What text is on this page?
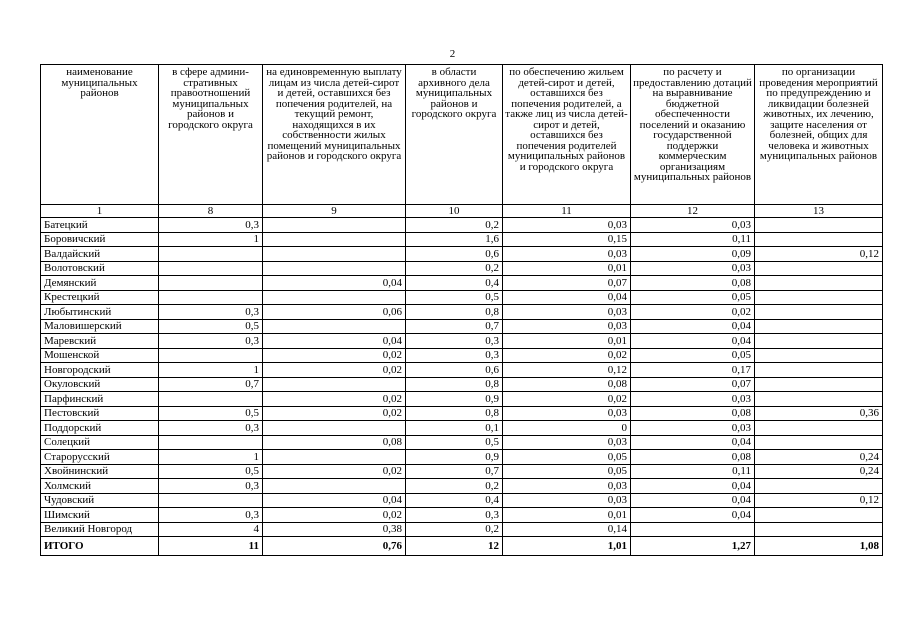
2
наименование муниципальных районов	в сфере админи-стративных правоотношений муниципальных районов и городского округа	на единовременную выплату лицам из числа детей-сирот и детей, оставшихся без попечения родителей, на текущий ремонт, находящихся в их собственности жилых помещений муниципальных районов и городского округа	в области архивного дела муниципальных районов и городского округа	по обеспечению жильем детей-сирот и детей, оставшихся без попечения родителей, а также лиц из числа детей-сирот и детей, оставшихся без попечения родителей муниципальных районов и городского округа	по расчету и предоставлению дотаций на выравнивание бюджетной обеспеченности поселений и оказанию государственной поддержки коммерческим организациям муниципальных районов	по организации проведения мероприятий по предупреждению и ликвидации болезней животных, их лечению, защите населения от болезней, общих для человека и животных муниципальных районов
1	8	9	10	11	12	13
Батецкий	0,3		0,2	0,03	0,03	
Боровичский	1		1,6	0,15	0,11	
Валдайский			0,6	0,03	0,09	0,12
Волотовский			0,2	0,01	0,03	
Демянский		0,04	0,4	0,07	0,08	
Крестецкий			0,5	0,04	0,05	
Любытинский	0,3	0,06	0,8	0,03	0,02	
Маловишерский	0,5		0,7	0,03	0,04	
Маревский	0,3	0,04	0,3	0,01	0,04	
Мошенской		0,02	0,3	0,02	0,05	
Новгородский	1	0,02	0,6	0,12	0,17	
Окуловский	0,7		0,8	0,08	0,07	
Парфинский		0,02	0,9	0,02	0,03	
Пестовский	0,5	0,02	0,8	0,03	0,08	0,36
Поддорский	0,3		0,1	0	0,03	
Солецкий		0,08	0,5	0,03	0,04	
Старорусский	1		0,9	0,05	0,08	0,24
Хвойнинский	0,5	0,02	0,7	0,05	0,11	0,24
Холмский	0,3		0,2	0,03	0,04	
Чудовский		0,04	0,4	0,03	0,04	0,12
Шимский	0,3	0,02	0,3	0,01	0,04	
Великий Новгород	4	0,38	0,2	0,14		
ИТОГО	11	0,76	12	1,01	1,27	1,08
